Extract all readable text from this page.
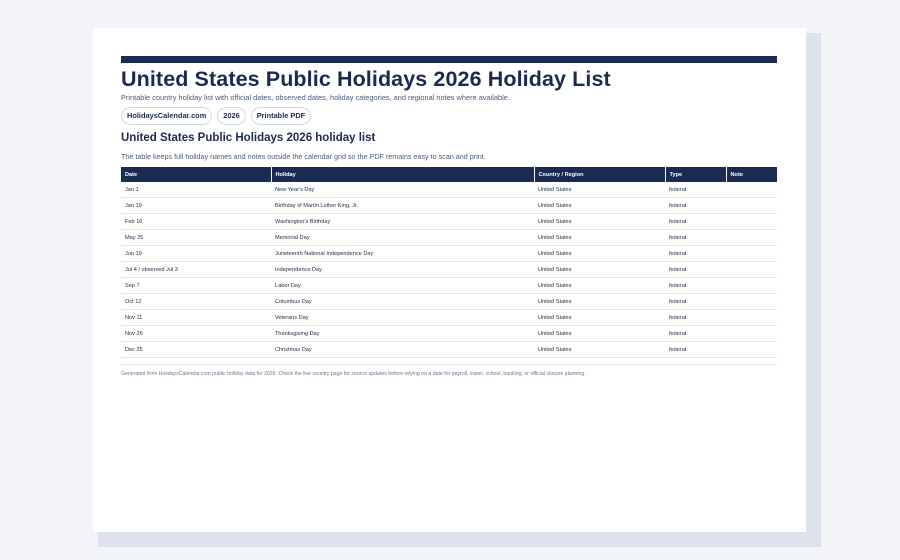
United States Public Holidays 2026 Holiday List
Printable country holiday list with official dates, observed dates, holiday categories, and regional notes where available.
HolidaysCalendar.com	2026	Printable PDF
United States Public Holidays 2026 holiday list
The table keeps full holiday names and notes outside the calendar grid so the PDF remains easy to scan and print.
Date	Holiday	Country / Region	Type	Note
Jan 1	New Year's Day	United States	federal	
Jan 19	Birthday of Martin Luther King, Jr.	United States	federal	
Feb 16	Washington's Birthday	United States	federal	
May 25	Memorial Day	United States	federal	
Jun 19	Juneteenth National Independence Day	United States	federal	
Jul 4 / observed Jul 3	Independence Day	United States	federal	
Sep 7	Labor Day	United States	federal	
Oct 12	Columbus Day	United States	federal	
Nov 11	Veterans Day	United States	federal	
Nov 26	Thanksgiving Day	United States	federal	
Dec 25	Christmas Day	United States	federal	

Generated from HolidaysCalendar.com public holiday data for 2026. Check the live country page for source updates before relying on a date for payroll, travel, school, banking, or official closure planning.
